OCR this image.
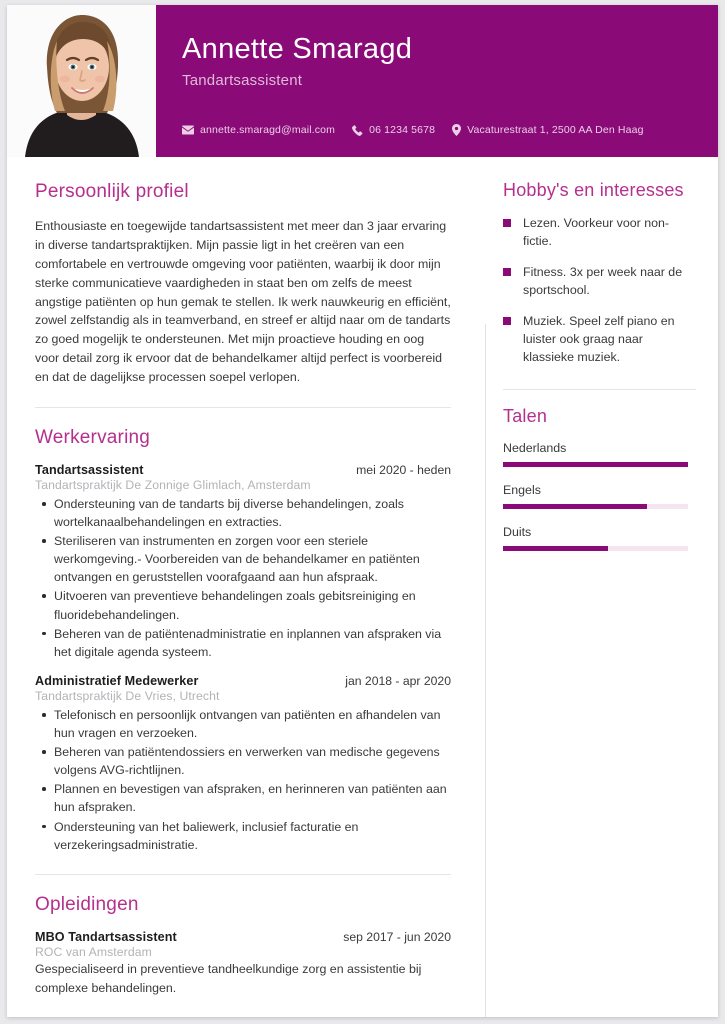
Annette Smaragd
Tandartsassistent
annette.smaragd@mail.com	06 1234 5678	Vacaturestraat 1, 2500 AA Den Haag
Persoonlijk profiel

Enthousiaste en toegewijde tandartsassistent met meer dan 3 jaar ervaring in diverse tandartspraktijken. Mijn passie ligt in het creëren van een comfortabele en vertrouwde omgeving voor patiënten, waarbij ik door mijn sterke communicatieve vaardigheden in staat ben om zelfs de meest angstige patiënten op hun gemak te stellen. Ik werk nauwkeurig en efficiënt, zowel zelfstandig als in teamverband, en streef er altijd naar om de tandarts zo goed mogelijk te ondersteunen. Met mijn proactieve houding en oog voor detail zorg ik ervoor dat de behandelkamer altijd perfect is voorbereid en dat de dagelijkse processen soepel verlopen.

Werkervaring
Tandartsassistent	mei 2020 - heden
Tandartspraktijk De Zonnige Glimlach, Amsterdam
Ondersteuning van de tandarts bij diverse behandelingen, zoals wortelkanaalbehandelingen en extracties.
Steriliseren van instrumenten en zorgen voor een steriele werkomgeving.- Voorbereiden van de behandelkamer en patiënten ontvangen en geruststellen voorafgaand aan hun afspraak.
Uitvoeren van preventieve behandelingen zoals gebitsreiniging en fluoridebehandelingen.
Beheren van de patiëntenadministratie en inplannen van afspraken via het digitale agenda systeem.
Administratief Medewerker	jan 2018 - apr 2020
Tandartspraktijk De Vries, Utrecht
Telefonisch en persoonlijk ontvangen van patiënten en afhandelen van hun vragen en verzoeken.
Beheren van patiëntendossiers en verwerken van medische gegevens volgens AVG-richtlijnen.
Plannen en bevestigen van afspraken, en herinneren van patiënten aan hun afspraken.
Ondersteuning van het baliewerk, inclusief facturatie en verzekeringsadministratie.
Opleidingen
MBO Tandartsassistent	sep 2017 - jun 2020
ROC van Amsterdam
Gespecialiseerd in preventieve tandheelkundige zorg en assistentie bij complexe behandelingen.
Hobby's en interesses
Lezen. Voorkeur voor non-fictie.
Fitness. 3x per week naar de sportschool.
Muziek. Speel zelf piano en luister ook graag naar klassieke muziek.
Talen
Nederlands
Engels
Duits
